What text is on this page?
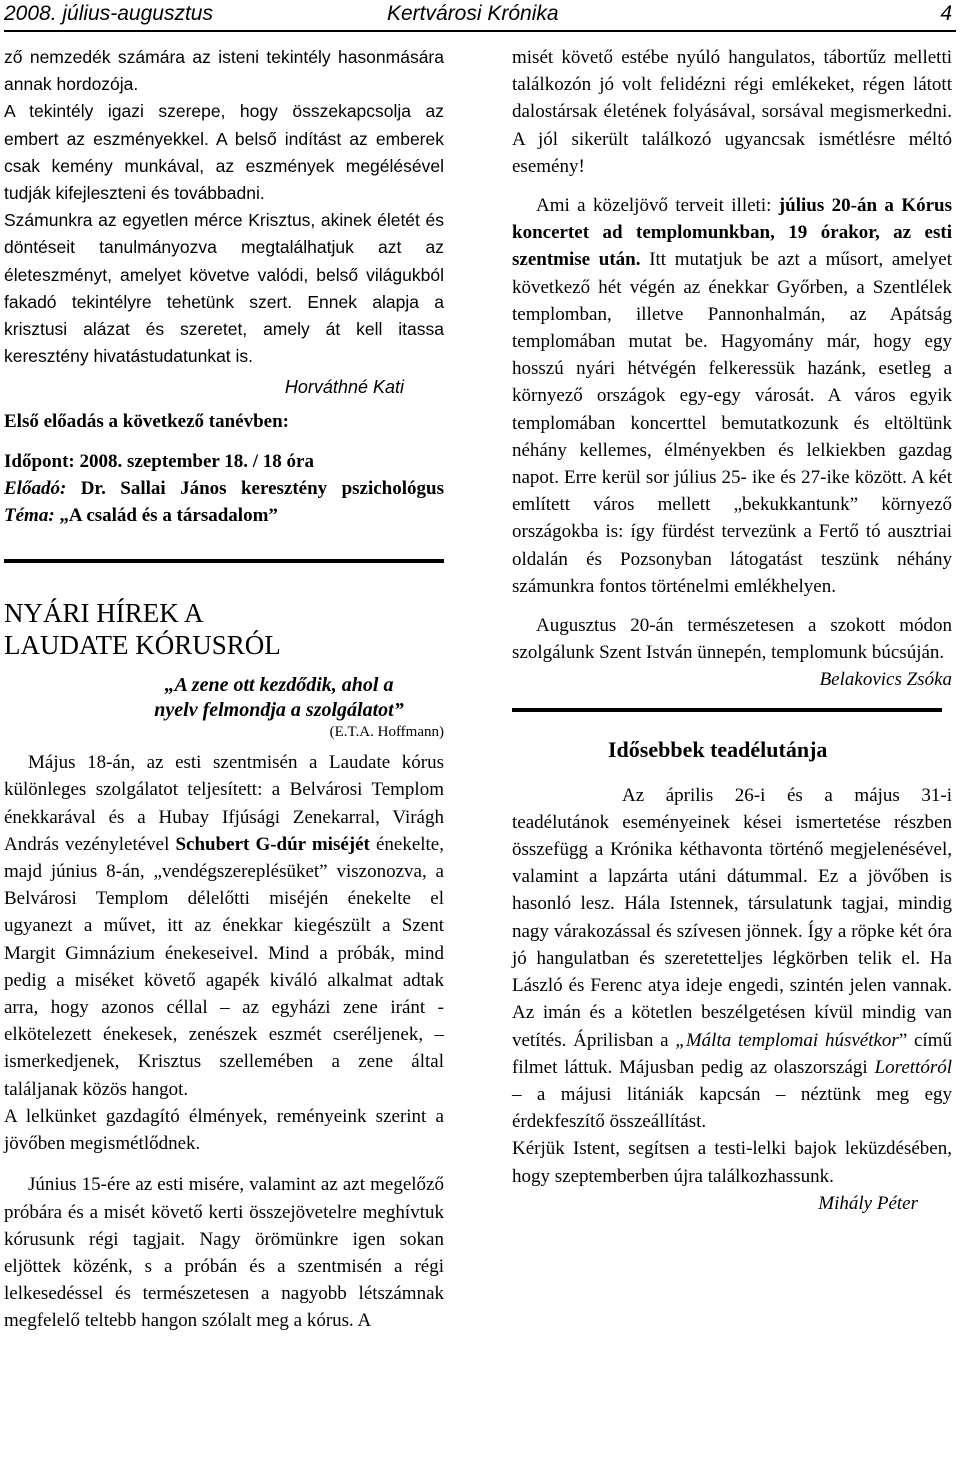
2008. július-augusztus	Kertvárosi Krónika	4

ző nemzedék számára az isteni tekintély hasonmására annak hordozója.

A tekintély igazi szerepe, hogy összekapcsolja az embert az eszményekkel. A belső indítást az emberek csak kemény munkával, az eszmények megélésével tudják kifejleszteni és továbbadni.

Számunkra az egyetlen mérce Krisztus, akinek életét és döntéseit tanulmányozva megtalálhatjuk azt az életeszményt, amelyet követve valódi, belső világukból fakadó tekintélyre tehetünk szert. Ennek alapja a krisztusi alázat és szeretet, amely át kell itassa keresztény hivatástudatunkat is.

Horváthné Kati

Első előadás a következő tanévben:

Időpont: 2008. szeptember 18. / 18 óra

Előadó: Dr. Sallai János keresztény pszichológus Téma: „A család és a társadalom”

NYÁRI HÍREK A

LAUDATE KÓRUSRÓL

„A zene ott kezdődik, ahol a

nyelv felmondja a szolgálatot”

(E.T.A. Hoffmann)

Május 18-án, az esti szentmisén a Laudate kórus különleges szolgálatot teljesített: a Belvárosi Templom énekkarával és a Hubay Ifjúsági Zenekarral, Virágh András vezényletével Schubert G-dúr miséjét énekelte, majd június 8-án, „vendégszereplésüket” viszonozva, a Belvárosi Templom délelőtti miséjén énekelte el ugyanezt a művet, itt az énekkar kiegészült a Szent Margit Gimnázium énekeseivel. Mind a próbák, mind pedig a miséket követő agapék kiváló alkalmat adtak arra, hogy azonos céllal – az egyházi zene iránt - elkötelezett énekesek, zenészek eszmét cseréljenek, – ismerkedjenek, Krisztus szellemében a zene által találjanak közös hangot.

A lelkünket gazdagító élmények, reményeink szerint a jövőben megismétlődnek.

Június 15-ére az esti misére, valamint az azt megelőző próbára és a misét követő kerti összejövetelre meghívtuk kórusunk régi tagjait. Nagy örömünkre igen sokan eljöttek közénk, s a próbán és a szentmisén a régi lelkesedéssel és természetesen a nagyobb létszámnak megfelelő teltebb hangon szólalt meg a kórus. A

misét követő estébe nyúló hangulatos, tábortűz melletti találkozón jó volt felidézni régi emlékeket, régen látott dalostársak életének folyásával, sorsával megismerkedni. A jól sikerült találkozó ugyancsak ismétlésre méltó esemény!

Ami a közeljövő terveit illeti: július 20-án a Kórus koncertet ad templomunkban, 19 órakor, az esti szentmise után. Itt mutatjuk be azt a műsort, amelyet következő hét végén az énekkar Győrben, a Szentlélek templomban, illetve Pannonhalmán, az Apátság templomában mutat be. Hagyomány már, hogy egy hosszú nyári hétvégén felkeressük hazánk, esetleg a környező országok egy-egy városát. A város egyik templomában koncerttel bemutatkozunk és eltöltünk néhány kellemes, élményekben és lelkiekben gazdag napot. Erre kerül sor július 25- ike és 27-ike között. A két említett város mellett „bekukkantunk” környező országokba is: így fürdést tervezünk a Fertő tó ausztriai oldalán és Pozsonyban látogatást teszünk néhány számunkra fontos történelmi emlékhelyen.

Augusztus 20-án természetesen a szokott módon szolgálunk Szent István ünnepén, templomunk búcsúján.

Belakovics Zsóka

Idősebbek teadélutánja

Az április 26-i és a május 31-i teadélutánok eseményeinek kései ismertetése részben összefügg a Krónika kéthavonta történő megjelenésével, valamint a lapzárta utáni dátummal. Ez a jövőben is hasonló lesz. Hála Istennek, társulatunk tagjai, mindig nagy várakozással és szívesen jönnek. Így a röpke két óra jó hangulatban és szeretetteljes légkörben telik el. Ha László és Ferenc atya ideje engedi, szintén jelen vannak. Az imán és a kötetlen beszélgetésen kívül mindig van vetítés. Áprilisban a „Málta templomai húsvétkor” című filmet láttuk. Májusban pedig az olaszországi Lorettóról – a májusi litániák kapcsán – néztünk meg egy érdekfeszítő összeállítást.

Kérjük Istent, segítsen a testi-lelki bajok leküzdésében, hogy szeptemberben újra találkozhassunk.

Mihály Péter
